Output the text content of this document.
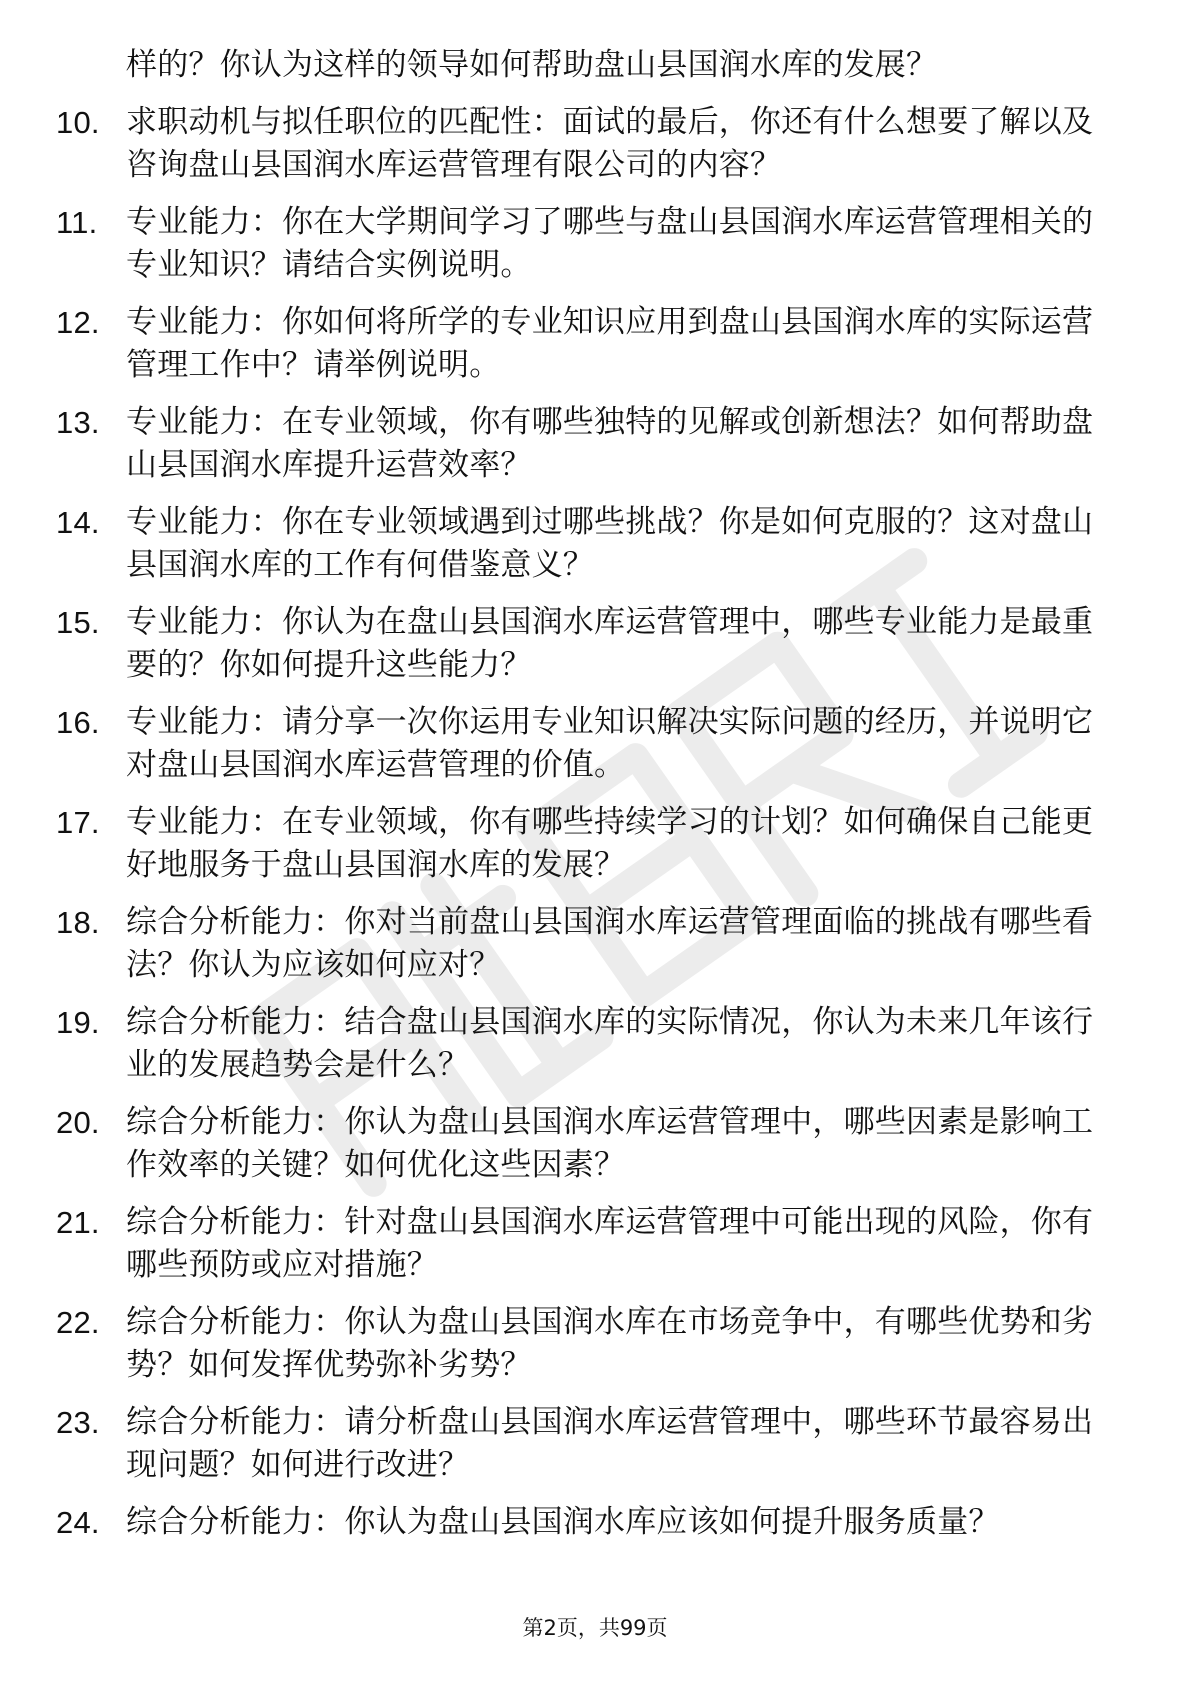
样的？你认为这样的领导如何帮助盘山县国润水库的发展？
10. 求职动机与拟任职位的匹配性：面试的最后，你还有什么想要了解以及咨询盘山县国润水库运营管理有限公司的内容？
11. 专业能力：你在大学期间学习了哪些与盘山县国润水库运营管理相关的专业知识？请结合实例说明。
12. 专业能力：你如何将所学的专业知识应用到盘山县国润水库的实际运营管理工作中？请举例说明。
13. 专业能力：在专业领域，你有哪些独特的见解或创新想法？如何帮助盘山县国润水库提升运营效率？
14. 专业能力：你在专业领域遇到过哪些挑战？你是如何克服的？这对盘山县国润水库的工作有何借鉴意义？
15. 专业能力：你认为在盘山县国润水库运营管理中，哪些专业能力是最重要的？你如何提升这些能力？
16. 专业能力：请分享一次你运用专业知识解决实际问题的经历，并说明它对盘山县国润水库运营管理的价值。
17. 专业能力：在专业领域，你有哪些持续学习的计划？如何确保自己能更好地服务于盘山县国润水库的发展？
18. 综合分析能力：你对当前盘山县国润水库运营管理面临的挑战有哪些看法？你认为应该如何应对？
19. 综合分析能力：结合盘山县国润水库的实际情况，你认为未来几年该行业的发展趋势会是什么？
20. 综合分析能力：你认为盘山县国润水库运营管理中，哪些因素是影响工作效率的关键？如何优化这些因素？
21. 综合分析能力：针对盘山县国润水库运营管理中可能出现的风险，你有哪些预防或应对措施？
22. 综合分析能力：你认为盘山县国润水库在市场竞争中，有哪些优势和劣势？如何发挥优势弥补劣势？
23. 综合分析能力：请分析盘山县国润水库运营管理中，哪些环节最容易出现问题？如何进行改进？
24. 综合分析能力：你认为盘山县国润水库应该如何提升服务质量？
第2页，共99页
